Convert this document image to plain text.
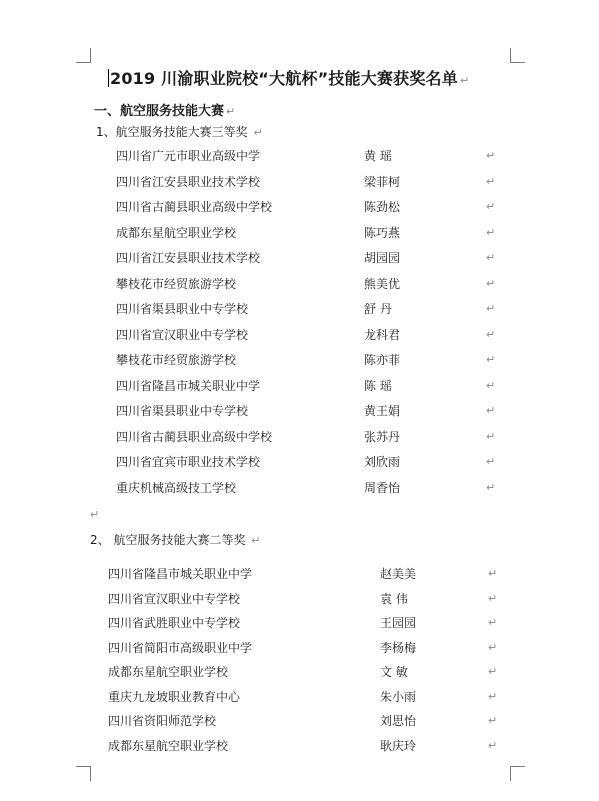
2019 川渝职业院校“大航杯”技能大赛获奖名单 ↵
一、航空服务技能大赛 ↵
1、航空服务技能大赛三等奖 ↵
四川省广元市职业高级中学	黄 瑶	↵
四川省江安县职业技术学校	梁菲柯	↵
四川省古蔺县职业高级中学校	陈劲松	↵
成都东星航空职业学校	陈巧燕	↵
四川省江安县职业技术学校	胡园园	↵
攀枝花市经贸旅游学校	熊美优	↵
四川省渠县职业中专学校	舒 丹	↵
四川省宣汉职业中专学校	龙科君	↵
攀枝花市经贸旅游学校	陈亦菲	↵
四川省隆昌市城关职业中学	陈 瑶	↵
四川省渠县职业中专学校	黄王娟	↵
四川省古蔺县职业高级中学校	张苏丹	↵
四川省宜宾市职业技术学校	刘欣雨	↵
重庆机械高级技工学校	周香怡	↵
↵
2、 航空服务技能大赛二等奖 ↵
四川省隆昌市城关职业中学	赵美美	↵
四川省宣汉职业中专学校	袁 伟	↵
四川省武胜职业中专学校	王园园	↵
四川省简阳市高级职业中学	李杨梅	↵
成都东星航空职业学校	文 敏	↵
重庆九龙坡职业教育中心	朱小雨	↵
四川省资阳师范学校	刘思怡	↵
成都东星航空职业学校	耿庆玲	↵
